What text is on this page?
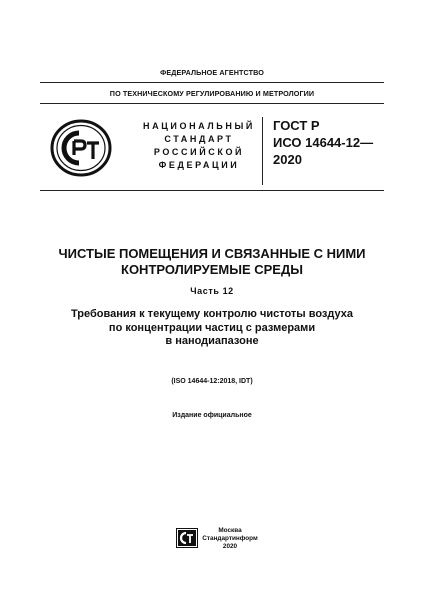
ФЕДЕРАЛЬНОЕ АГЕНТСТВО
ПО ТЕХНИЧЕСКОМУ РЕГУЛИРОВАНИЮ И МЕТРОЛОГИИ
НАЦИОНАЛЬНЫЙ
СТАНДАРТ
РОССИЙСКОЙ
ФЕДЕРАЦИИ
ГОСТ Р
ИСО 14644-12—
2020
ЧИСТЫЕ ПОМЕЩЕНИЯ И СВЯЗАННЫЕ С НИМИ
КОНТРОЛИРУЕМЫЕ СРЕДЫ
Часть 12
Требования к текущему контролю чистоты воздуха
по концентрации частиц с размерами
в нанодиапазоне
(ISO 14644-12:2018, IDT)
Издание официальное
Москва
Стандартинформ
2020
